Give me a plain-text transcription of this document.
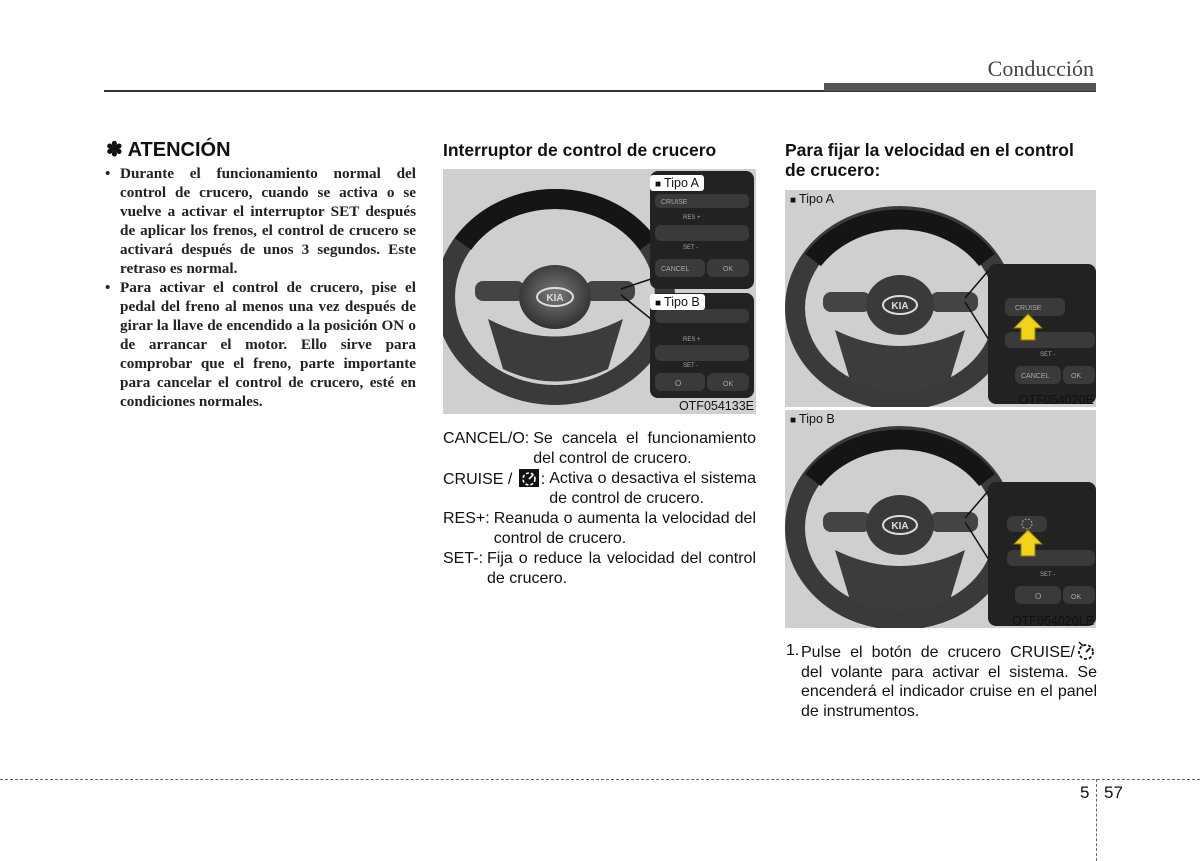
Conducción
✽ ATENCIÓN
• Durante el funcionamiento normal del control de crucero, cuando se activa o se vuelve a activar el interruptor SET después de aplicar los frenos, el control de crucero se activará después de unos 3 segundos. Este retraso es normal.
• Para activar el control de crucero, pise el pedal del freno al menos una vez después de girar la llave de encendido a la posición ON o de arrancar el motor. Ello sirve para comprobar que el freno, parte importante para cancelar el control de crucero, esté en condiciones normales.
Interruptor de control de crucero
KIA
CRUISE
RES +
SET -
CANCEL	OK
RES +
SET -
O	OK
■ Tipo A
■ Tipo B
OTF054133E
CANCEL/O: Se cancela el funcionamiento del control de crucero.
CRUISE / : Activa o desactiva el sistema de control de crucero.
RES+: Reanuda o aumenta la velocidad del control de crucero.
SET-: Fija o reduce la velocidad del control de crucero.
Para fijar la velocidad en el control de crucero:
KIA	CRUISE
SET -
CANCEL	OK
■ Tipo A
OTF054020E
KIA
SET -
O	OK
■ Tipo B
OTF054020LE
1. Pulse el botón de crucero CRUISE/ del volante para activar el sistema. Se encenderá el indicador cruise en el panel de instrumentos.
5 57
